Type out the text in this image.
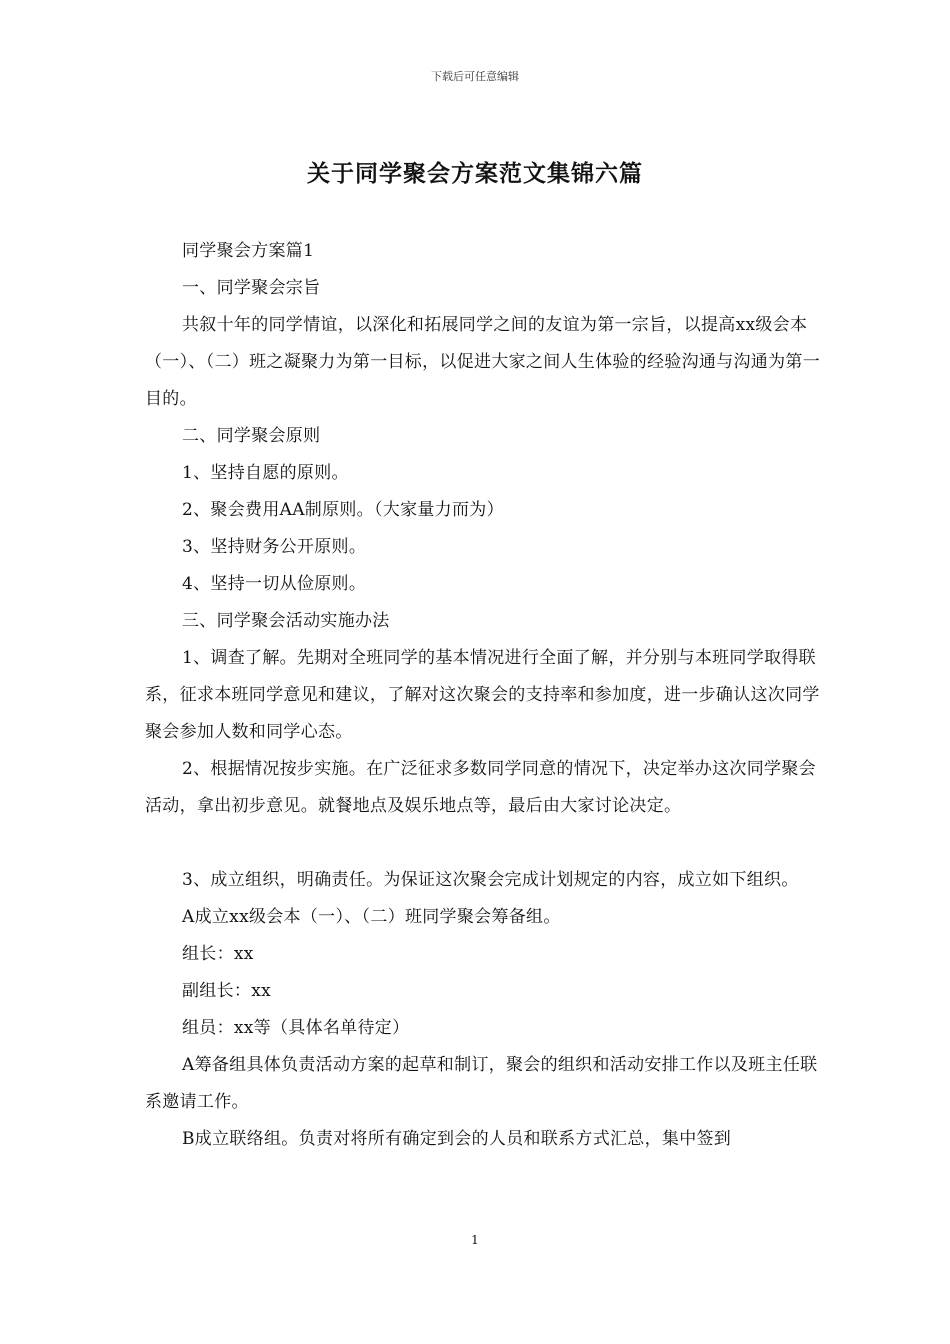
下载后可任意编辑
关于同学聚会方案范文集锦六篇

同学聚会方案篇1

一、同学聚会宗旨

共叙十年的同学情谊，以深化和拓展同学之间的友谊为第一宗旨，以提高xx级会本（一）、（二）班之凝聚力为第一目标，以促进大家之间人生体验的经验沟通与沟通为第一目的。

二、同学聚会原则

1、坚持自愿的原则。

2、聚会费用AA制原则。（大家量力而为）

3、坚持财务公开原则。

4、坚持一切从俭原则。

三、同学聚会活动实施办法

1、调查了解。先期对全班同学的基本情况进行全面了解，并分别与本班同学取得联系，征求本班同学意见和建议，了解对这次聚会的支持率和参加度，进一步确认这次同学聚会参加人数和同学心态。

2、根据情况按步实施。在广泛征求多数同学同意的情况下，决定举办这次同学聚会活动，拿出初步意见。就餐地点及娱乐地点等，最后由大家讨论决定。

3、成立组织，明确责任。为保证这次聚会完成计划规定的内容，成立如下组织。

A成立xx级会本（一）、（二）班同学聚会筹备组。

组长：xx

副组长：xx

组员：xx等（具体名单待定）

A筹备组具体负责活动方案的起草和制订，聚会的组织和活动安排工作以及班主任联系邀请工作。

B成立联络组。负责对将所有确定到会的人员和联系方式汇总，集中签到

1
